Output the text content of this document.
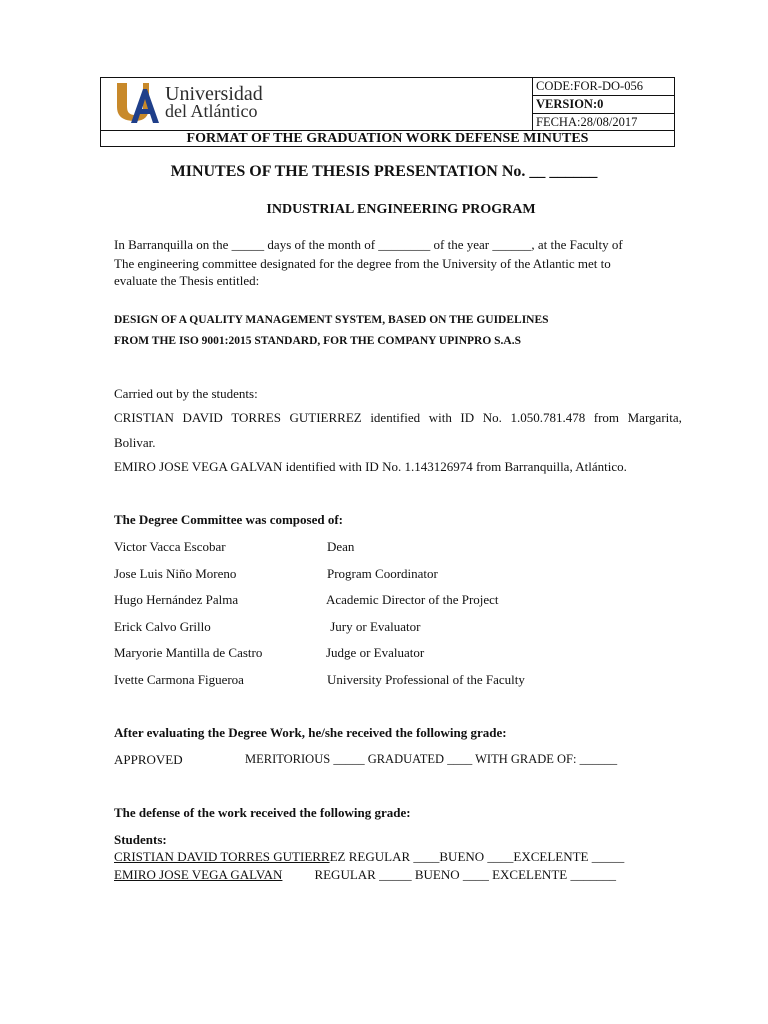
Universidad
del Atlántico
CODE:FOR-DO-056
VERSION:0
FECHA:28/08/2017
FORMAT OF THE GRADUATION WORK DEFENSE MINUTES
MINUTES OF THE THESIS PRESENTATION No. __ ______
INDUSTRIAL ENGINEERING PROGRAM
In Barranquilla on the _____ days of the month of ________ of the year ______, at the Faculty of
The engineering committee designated for the degree from the University of the Atlantic met to
evaluate the Thesis entitled:
DESIGN OF A QUALITY MANAGEMENT SYSTEM, BASED ON THE GUIDELINES
FROM THE ISO 9001:2015 STANDARD, FOR THE COMPANY UPINPRO S.A.S
Carried out by the students:
CRISTIAN DAVID TORRES GUTIERREZ identified with ID No. 1.050.781.478 from Margarita,
Bolivar.
EMIRO JOSE VEGA GALVAN identified with ID No. 1.143126974 from Barranquilla, Atlántico.
The Degree Committee was composed of:
Victor Vacca Escobar	Dean
Jose Luis Niño Moreno	Program Coordinator
Hugo Hernández Palma	Academic Director of the Project
Erick Calvo Grillo	Jury or Evaluator
Maryorie Mantilla de Castro	Judge or Evaluator
Ivette Carmona Figueroa	University Professional of the Faculty
After evaluating the Degree Work, he/she received the following grade:
APPROVED	MERITORIOUS _____ GRADUATED ____ WITH GRADE OF: ______
The defense of the work received the following grade:
Students:
CRISTIAN DAVID TORRES GUTIERREZ REGULAR ____BUENO ____EXCELENTE _____
EMIRO JOSE VEGA GALVAN REGULAR _____ BUENO ____ EXCELENTE _______
